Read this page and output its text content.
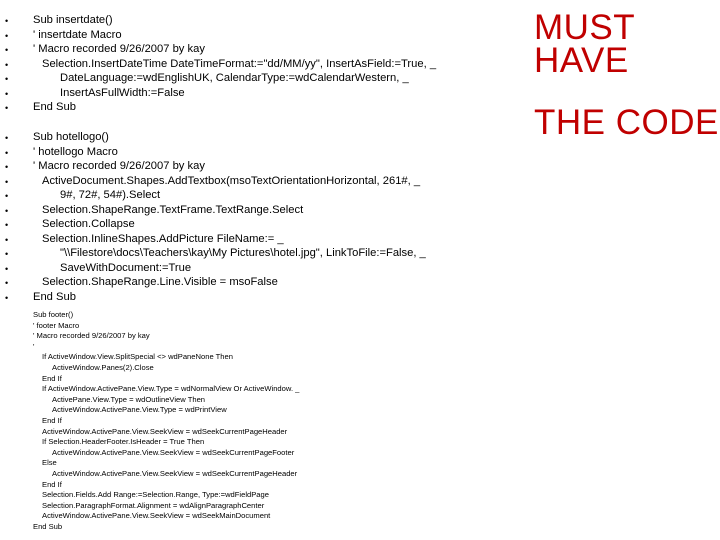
• Sub insertdate()
• ' insertdate Macro
• ' Macro recorded 9/26/2007 by kay
•	Selection.InsertDateTime DateTimeFormat:="dd/MM/yy", InsertAsField:=True, _
•	DateLanguage:=wdEnglishUK, CalendarType:=wdCalendarWestern, _
•	InsertAsFullWidth:=False
• End Sub
• Sub hotellogo()
• ' hotellogo Macro
• ' Macro recorded 9/26/2007 by kay
•	ActiveDocument.Shapes.AddTextbox(msoTextOrientationHorizontal, 261#, _
•	9#, 72#, 54#).Select
•	Selection.ShapeRange.TextFrame.TextRange.Select
•	Selection.Collapse
•	Selection.InlineShapes.AddPicture FileName:= _
•	"\\Filestore\docs\Teachers\kay\My Pictures\hotel.jpg", LinkToFile:=False, _
•	SaveWithDocument:=True
•	Selection.ShapeRange.Line.Visible = msoFalse
• End Sub
Sub footer()
' footer Macro
' Macro recorded 9/26/2007 by kay
'
If ActiveWindow.View.SplitSpecial <> wdPaneNone Then
ActiveWindow.Panes(2).Close
End If
If ActiveWindow.ActivePane.View.Type = wdNormalView Or ActiveWindow. _
ActivePane.View.Type = wdOutlineView Then
ActiveWindow.ActivePane.View.Type = wdPrintView
End If
ActiveWindow.ActivePane.View.SeekView = wdSeekCurrentPageHeader
If Selection.HeaderFooter.IsHeader = True Then
ActiveWindow.ActivePane.View.SeekView = wdSeekCurrentPageFooter
Else
ActiveWindow.ActivePane.View.SeekView = wdSeekCurrentPageHeader
End If
Selection.Fields.Add Range:=Selection.Range, Type:=wdFieldPage
Selection.ParagraphFormat.Alignment = wdAlignParagraphCenter
ActiveWindow.ActivePane.View.SeekView = wdSeekMainDocument
End Sub
MUST
HAVE
THE CODE
